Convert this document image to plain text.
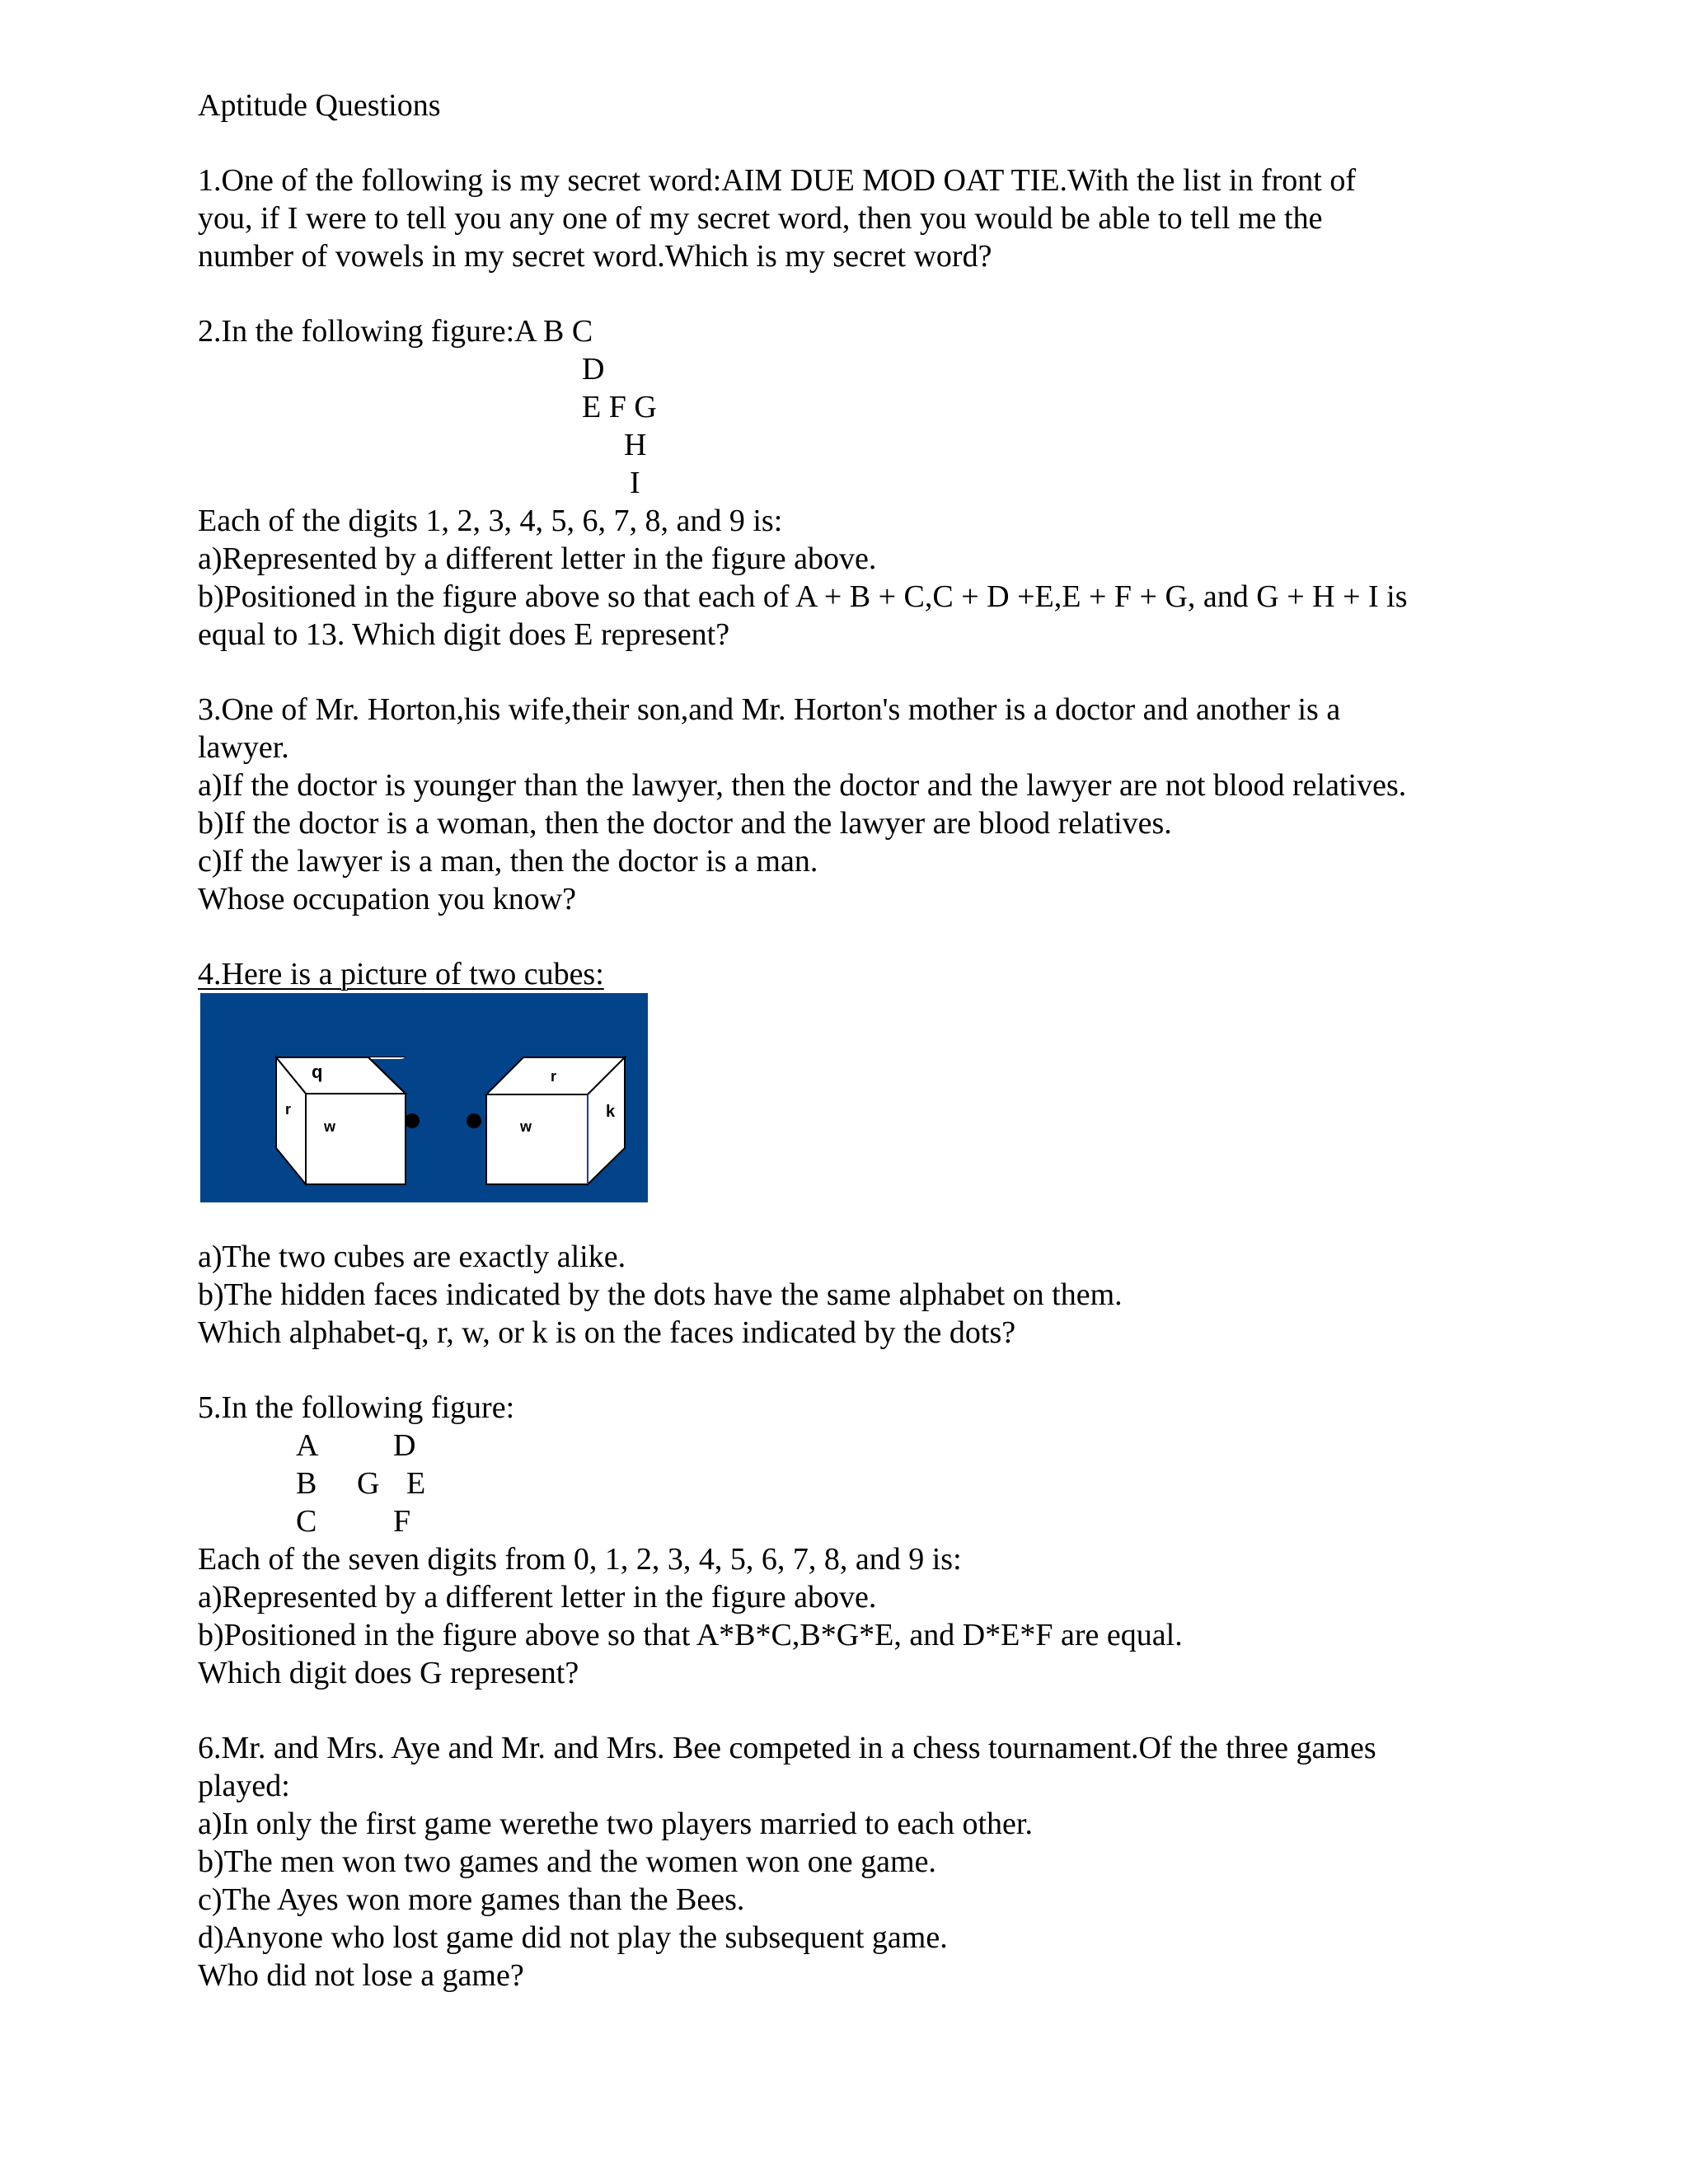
Aptitude Questions
1.One of the following is my secret word:AIM DUE MOD OAT TIE.With the list in front of
you, if I were to tell you any one of my secret word, then you would be able to tell me the
number of vowels in my secret word.Which is my secret word?
2.In the following figure:A B C
D
E F G
H
I
Each of the digits 1, 2, 3, 4, 5, 6, 7, 8, and 9 is:
a)Represented by a different letter in the figure above.
b)Positioned in the figure above so that each of A + B + C,C + D +E,E + F + G, and G + H + I is
equal to 13. Which digit does E represent?
3.One of Mr. Horton,his wife,their son,and Mr. Horton's mother is a doctor and another is a
lawyer.
a)If the doctor is younger than the lawyer, then the doctor and the lawyer are not blood relatives.
b)If the doctor is a woman, then the doctor and the lawyer are blood relatives.
c)If the lawyer is a man, then the doctor is a man.
Whose occupation you know?
4.Here is a picture of two cubes:
q
r
w
r
k
w
a)The two cubes are exactly alike.
b)The hidden faces indicated by the dots have the same alphabet on them.
Which alphabet-q, r, w, or k is on the faces indicated by the dots?
5.In the following figure:
A D
B G E
C F
Each of the seven digits from 0, 1, 2, 3, 4, 5, 6, 7, 8, and 9 is:
a)Represented by a different letter in the figure above.
b)Positioned in the figure above so that A*B*C,B*G*E, and D*E*F are equal.
Which digit does G represent?
6.Mr. and Mrs. Aye and Mr. and Mrs. Bee competed in a chess tournament.Of the three games
played:
a)In only the first game werethe two players married to each other.
b)The men won two games and the women won one game.
c)The Ayes won more games than the Bees.
d)Anyone who lost game did not play the subsequent game.
Who did not lose a game?
